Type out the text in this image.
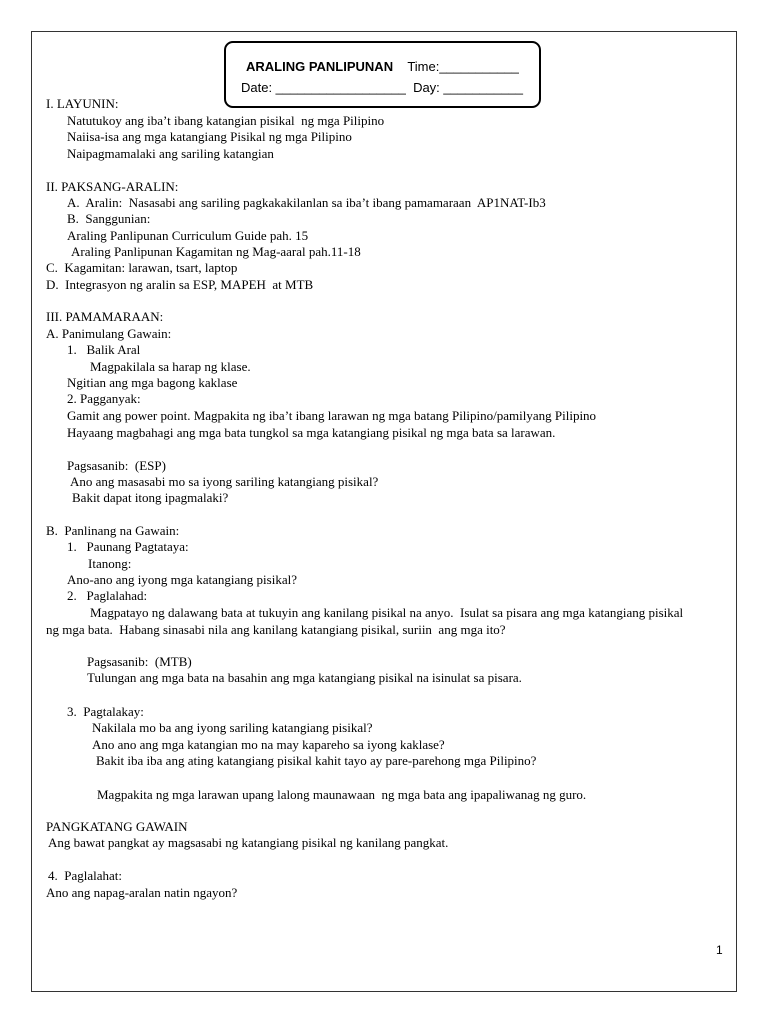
ARALING PANLIPUNAN Time:___________
Date: __________________ Day: ___________
I. LAYUNIN:
Natutukoy ang iba’t ibang katangian pisikal  ng mga Pilipino
Naiisa-isa ang mga katangiang Pisikal ng mga Pilipino
Naipagmamalaki ang sariling katangian
II. PAKSANG-ARALIN:
A.  Aralin:  Nasasabi ang sariling pagkakakilanlan sa iba’t ibang pamamaraan  AP1NAT-Ib3
B.  Sanggunian:
Araling Panlipunan Curriculum Guide pah. 15
Araling Panlipunan Kagamitan ng Mag-aaral pah.11-18
C.  Kagamitan: larawan, tsart, laptop
D.  Integrasyon ng aralin sa ESP, MAPEH  at MTB
III. PAMAMARAAN:
A. Panimulang Gawain:
1.   Balik Aral
Magpakilala sa harap ng klase.
Ngitian ang mga bagong kaklase
2. Pagganyak:
Gamit ang power point. Magpakita ng iba’t ibang larawan ng mga batang Pilipino/pamilyang Pilipino
Hayaang magbahagi ang mga bata tungkol sa mga katangiang pisikal ng mga bata sa larawan.
Pagsasanib:  (ESP)
Ano ang masasabi mo sa iyong sariling katangiang pisikal?
Bakit dapat itong ipagmalaki?
B.  Panlinang na Gawain:
1.   Paunang Pagtataya:
Itanong:
Ano-ano ang iyong mga katangiang pisikal?
2.   Paglalahad:
Magpatayo ng dalawang bata at tukuyin ang kanilang pisikal na anyo.  Isulat sa pisara ang mga katangiang pisikal
ng mga bata.  Habang sinasabi nila ang kanilang katangiang pisikal, suriin  ang mga ito?
Pagsasanib:  (MTB)
Tulungan ang mga bata na basahin ang mga katangiang pisikal na isinulat sa pisara.
3.  Pagtalakay:
Nakilala mo ba ang iyong sariling katangiang pisikal?
Ano ano ang mga katangian mo na may kapareho sa iyong kaklase?
Bakit iba iba ang ating katangiang pisikal kahit tayo ay pare-parehong mga Pilipino?
Magpakita ng mga larawan upang lalong maunawaan  ng mga bata ang ipapaliwanag ng guro.
PANGKATANG GAWAIN
Ang bawat pangkat ay magsasabi ng katangiang pisikal ng kanilang pangkat.
4.  Paglalahat:
Ano ang napag-aralan natin ngayon?
1
